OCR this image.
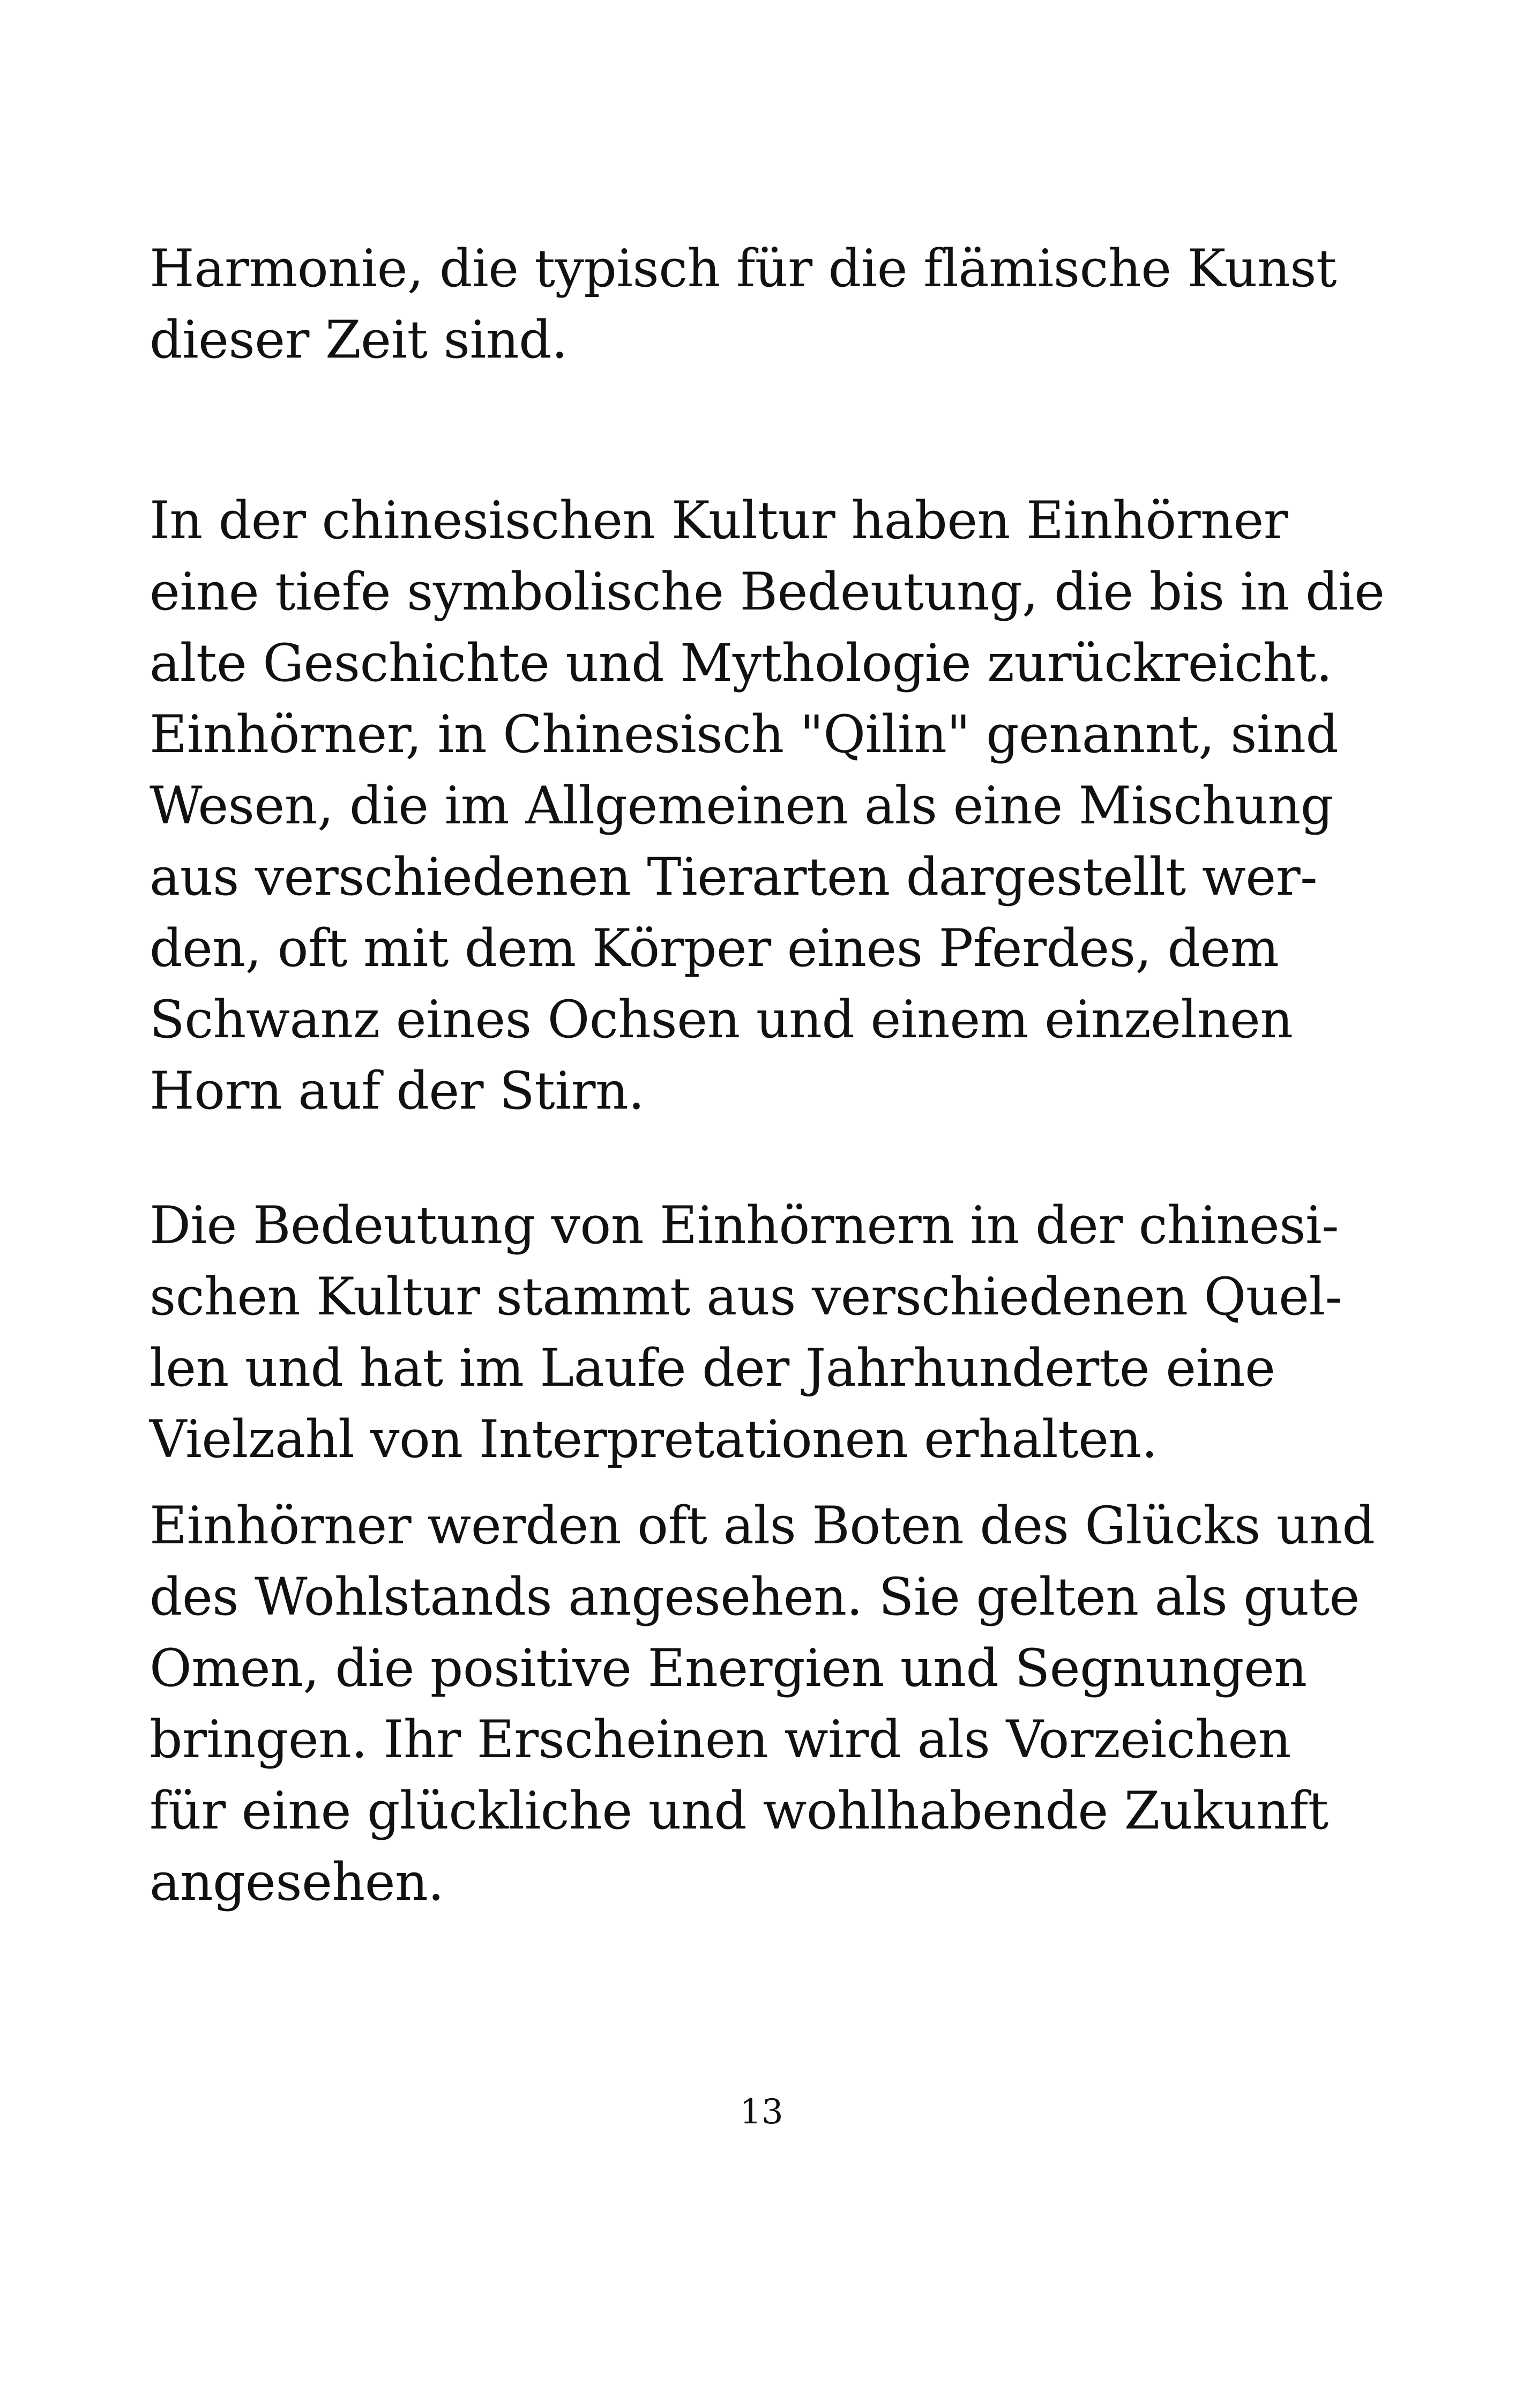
Harmonie, die typisch für die flämische Kunst
dieser Zeit sind.
In der chinesischen Kultur haben Einhörner
eine tiefe symbolische Bedeutung, die bis in die
alte Geschichte und Mythologie zurückreicht.
Einhörner, in Chinesisch "Qilin" genannt, sind
Wesen, die im Allgemeinen als eine Mischung
aus verschiedenen Tierarten dargestellt wer-
den, oft mit dem Körper eines Pferdes, dem
Schwanz eines Ochsen und einem einzelnen
Horn auf der Stirn.
Die Bedeutung von Einhörnern in der chinesi-
schen Kultur stammt aus verschiedenen Quel-
len und hat im Laufe der Jahrhunderte eine
Vielzahl von Interpretationen erhalten.
Einhörner werden oft als Boten des Glücks und
des Wohlstands angesehen. Sie gelten als gute
Omen, die positive Energien und Segnungen
bringen. Ihr Erscheinen wird als Vorzeichen
für eine glückliche und wohlhabende Zukunft
angesehen.
13
